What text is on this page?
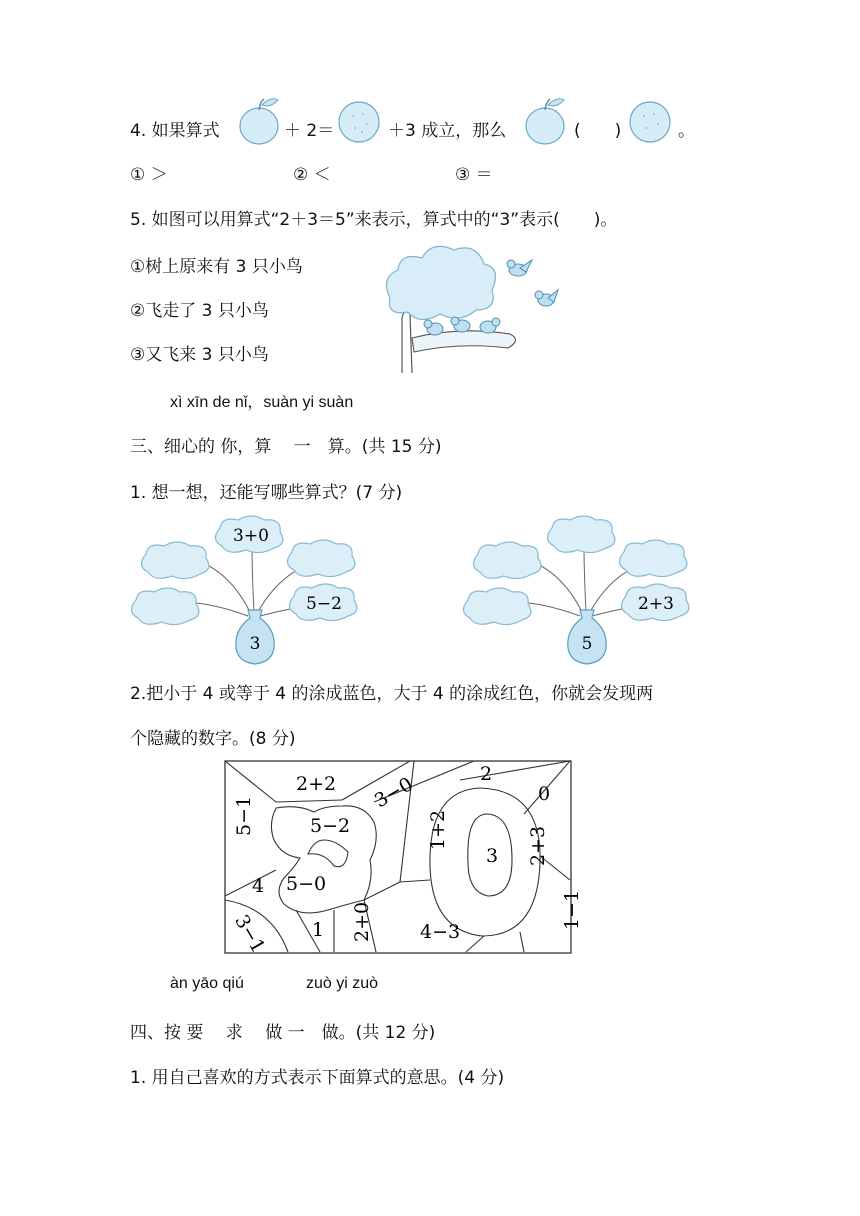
4. 如果算式	＋ 2＝	＋3 成立，那么	(　　)	。
① ＞	② ＜	③ ＝
5. 如图可以用算式“2＋3＝5”来表示，算式中的“3”表示(　　)。
①树上原来有 3 只小鸟
②飞走了 3 只小鸟
③又飞来 3 只小鸟
xì xīn de nǐ，suàn yi suàn
三、细心的 你，算　 一　算。(共 15 分)
1. 想一想，还能写哪些算式？(7 分)
3+0
5−2
3
2+3
5
2.把小于 4 或等于 4 的涂成蓝色，大于 4 的涂成红色，你就会发现两
个隐藏的数字。(8 分)
2+2 3−0	2
0
5−1	5−2	1+2
3 2+3
4 5−0
3−1 1 2+0 4−3
1−1
àn yāo qiú	zuò yi zuò
四、按 要　 求　 做 一　做。(共 12 分)
1. 用自己喜欢的方式表示下面算式的意思。(4 分)
